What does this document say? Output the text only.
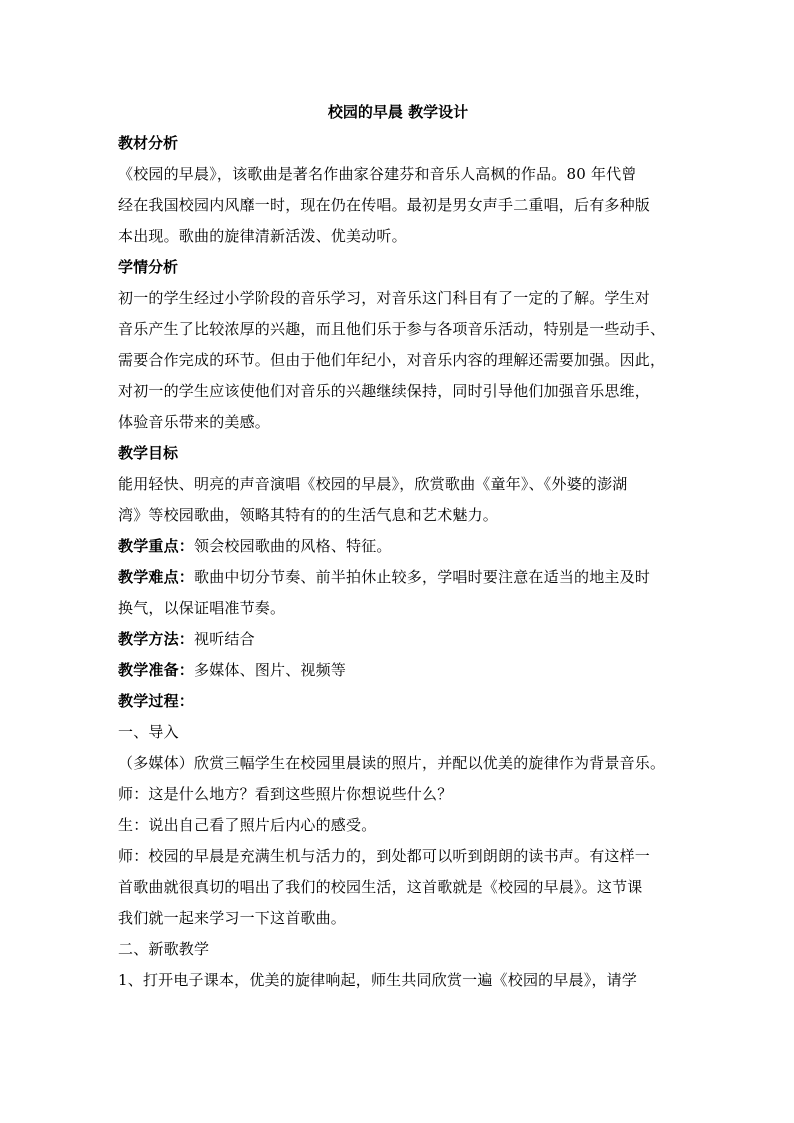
校园的早晨 教学设计
教材分析
《校园的早晨》，该歌曲是著名作曲家谷建芬和音乐人高枫的作品。80 年代曾
经在我国校园内风靡一时，现在仍在传唱。最初是男女声手二重唱，后有多种版
本出现。歌曲的旋律清新活泼、优美动听。
学情分析
初一的学生经过小学阶段的音乐学习，对音乐这门科目有了一定的了解。学生对
音乐产生了比较浓厚的兴趣，而且他们乐于参与各项音乐活动，特别是一些动手、
需要合作完成的环节。但由于他们年纪小，对音乐内容的理解还需要加强。因此，
对初一的学生应该使他们对音乐的兴趣继续保持，同时引导他们加强音乐思维，
体验音乐带来的美感。
教学目标
能用轻快、明亮的声音演唱《校园的早晨》，欣赏歌曲《童年》、《外婆的澎湖
湾》等校园歌曲，领略其特有的的生活气息和艺术魅力。

教学重点：领会校园歌曲的风格、特征。

教学难点：歌曲中切分节奏、前半拍休止较多，学唱时要注意在适当的地主及时
换气，以保证唱准节奏。

教学方法：视听结合

教学准备：多媒体、图片、视频等

教学过程：

一、导入
（多媒体）欣赏三幅学生在校园里晨读的照片，并配以优美的旋律作为背景音乐。
师：这是什么地方？看到这些照片你想说些什么？
生：说出自己看了照片后内心的感受。
师：校园的早晨是充满生机与活力的，到处都可以听到朗朗的读书声。有这样一
首歌曲就很真切的唱出了我们的校园生活，这首歌就是《校园的早晨》。这节课
我们就一起来学习一下这首歌曲。
二、新歌教学
1、打开电子课本，优美的旋律响起，师生共同欣赏一遍《校园的早晨》，请学
